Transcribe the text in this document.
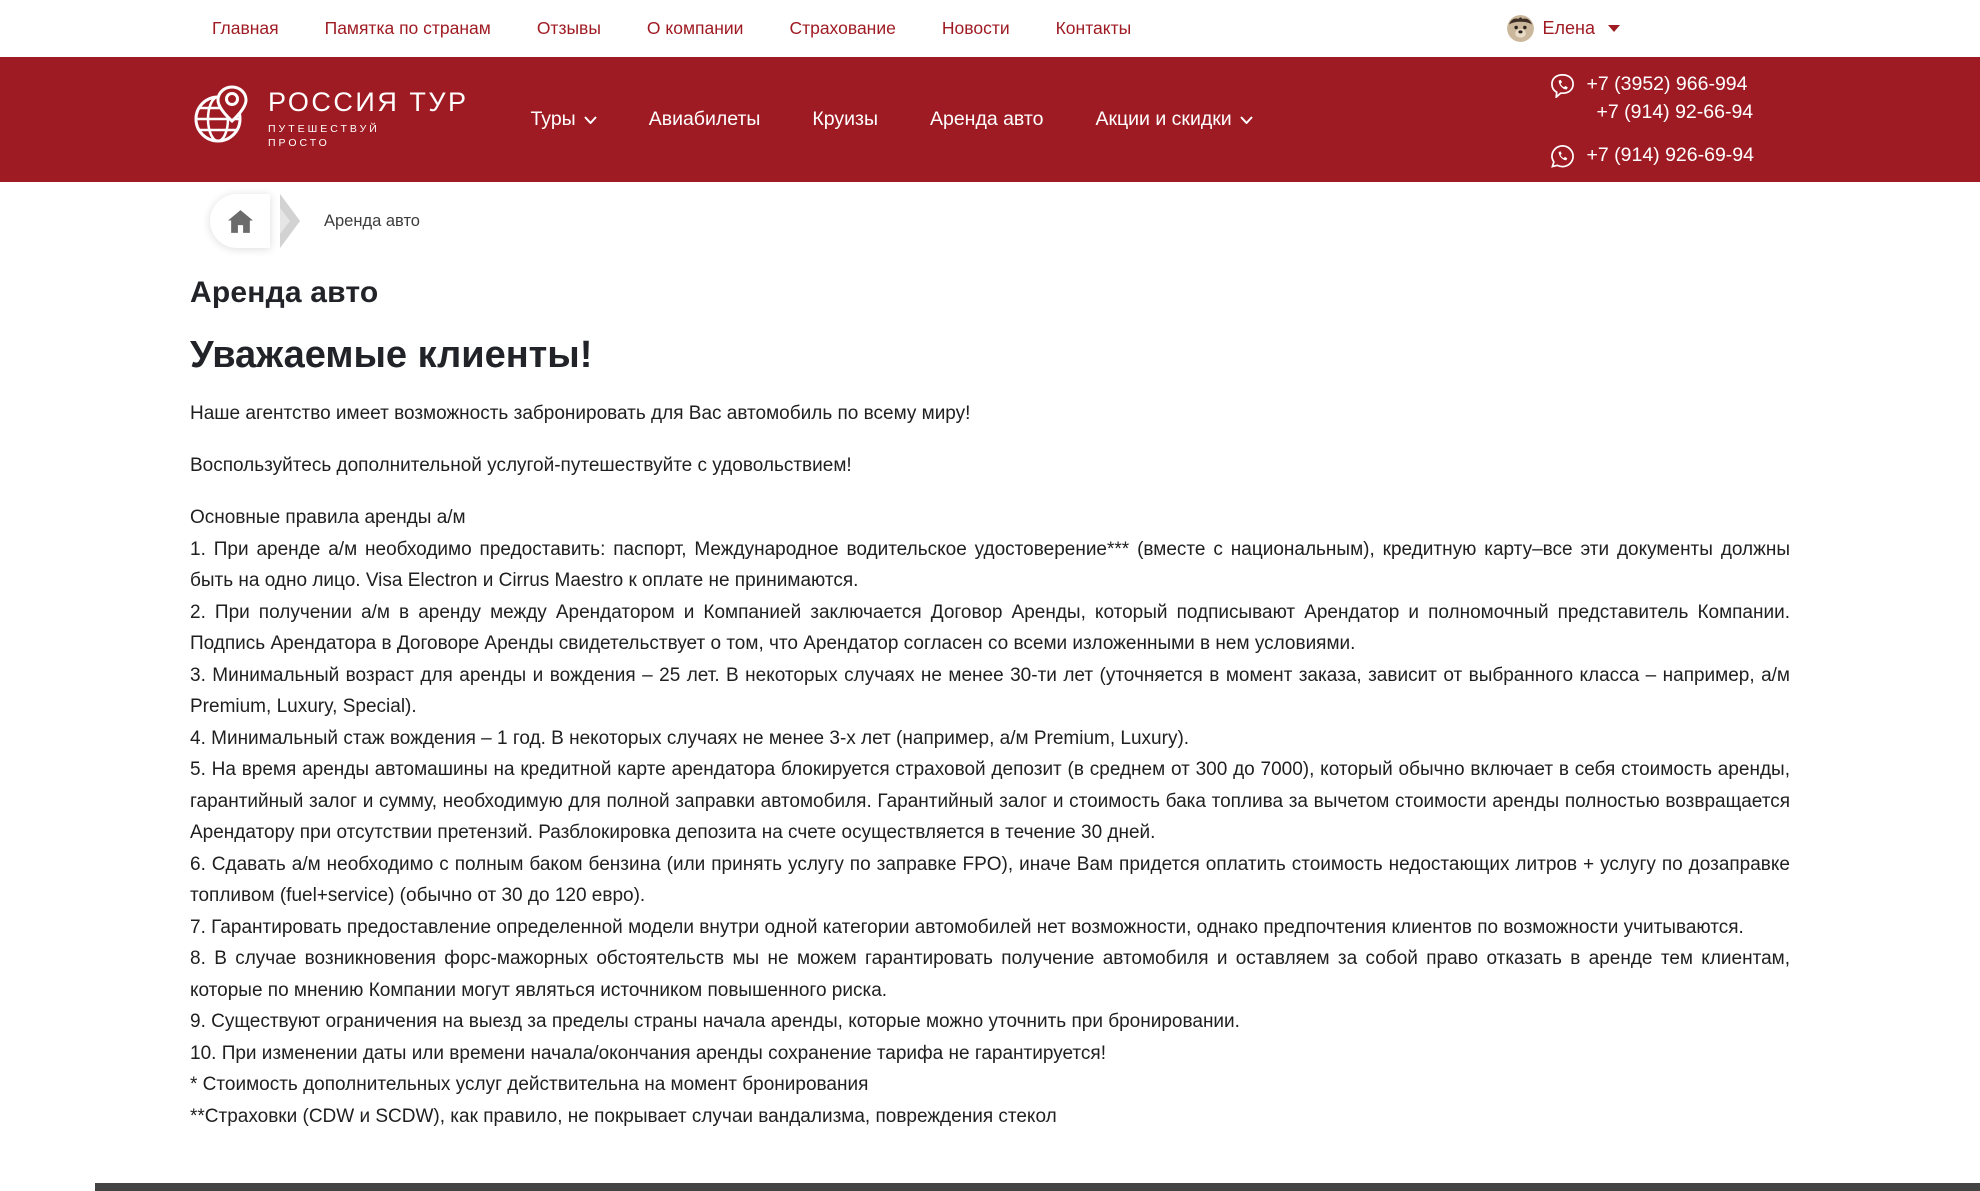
Главная	Памятка по странам	Отзывы	О компании	Страхование	Новости	Контакты	Елена
РОССИЯ ТУР
ПУТЕШЕСТВУЙ
ПРОСТО
Туры	Авиабилеты	Круизы	Аренда авто	Акции и скидки
+7 (3952) 966-994
+7 (914) 92-66-94
+7 (914) 926-69-94
Аренда авто
Аренда авто
Уважаемые клиенты!

Наше агентство имеет возможность забронировать для Вас автомобиль по всему миру!

Воспользуйтесь дополнительной услугой-путешествуйте с удовольствием!

Основные правила аренды а/м

1. При аренде а/м необходимо предоставить: паспорт, Международное водительское удостоверение*** (вместе с национальным), кредитную карту–все эти документы должны быть на одно лицо. Visa Electron и Cirrus Maestro к оплате не принимаются.

2. При получении а/м в аренду между Арендатором и Компанией заключается Договор Аренды, который подписывают Арендатор и полномочный представитель Компании. Подпись Арендатора в Договоре Аренды свидетельствует о том, что Арендатор согласен со всеми изложенными в нем условиями.

3. Минимальный возраст для аренды и вождения – 25 лет. В некоторых случаях не менее 30-ти лет (уточняется в момент заказа, зависит от выбранного класса – например, а/м Premium, Luxury, Special).

4. Минимальный стаж вождения – 1 год. В некоторых случаях не менее 3-х лет (например, а/м Premium, Luxury).

5. На время аренды автомашины на кредитной карте арендатора блокируется страховой депозит (в среднем от 300 до 7000), который обычно включает в себя стоимость аренды, гарантийный залог и сумму, необходимую для полной заправки автомобиля. Гарантийный залог и стоимость бака топлива за вычетом стоимости аренды полностью возвращается Арендатору при отсутствии претензий. Разблокировка депозита на счете осуществляется в течение 30 дней.

6. Сдавать а/м необходимо с полным баком бензина (или принять услугу по заправке FPO), иначе Вам придется оплатить стоимость недостающих литров + услугу по дозаправке топливом (fuel+service) (обычно от 30 до 120 евро).

7. Гарантировать предоставление определенной модели внутри одной категории автомобилей нет возможности, однако предпочтения клиентов по возможности учитываются.

8. В случае возникновения форс-мажорных обстоятельств мы не можем гарантировать получение автомобиля и оставляем за собой право отказать в аренде тем клиентам, которые по мнению Компании могут являться источником повышенного риска.

9. Существуют ограничения на выезд за пределы страны начала аренды, которые можно уточнить при бронировании.

10. При изменении даты или времени начала/окончания аренды сохранение тарифа не гарантируется!

* Стоимость дополнительных услуг действительна на момент бронирования

**Страховки (CDW и SCDW), как правило, не покрывает случаи вандализма, повреждения стекол
